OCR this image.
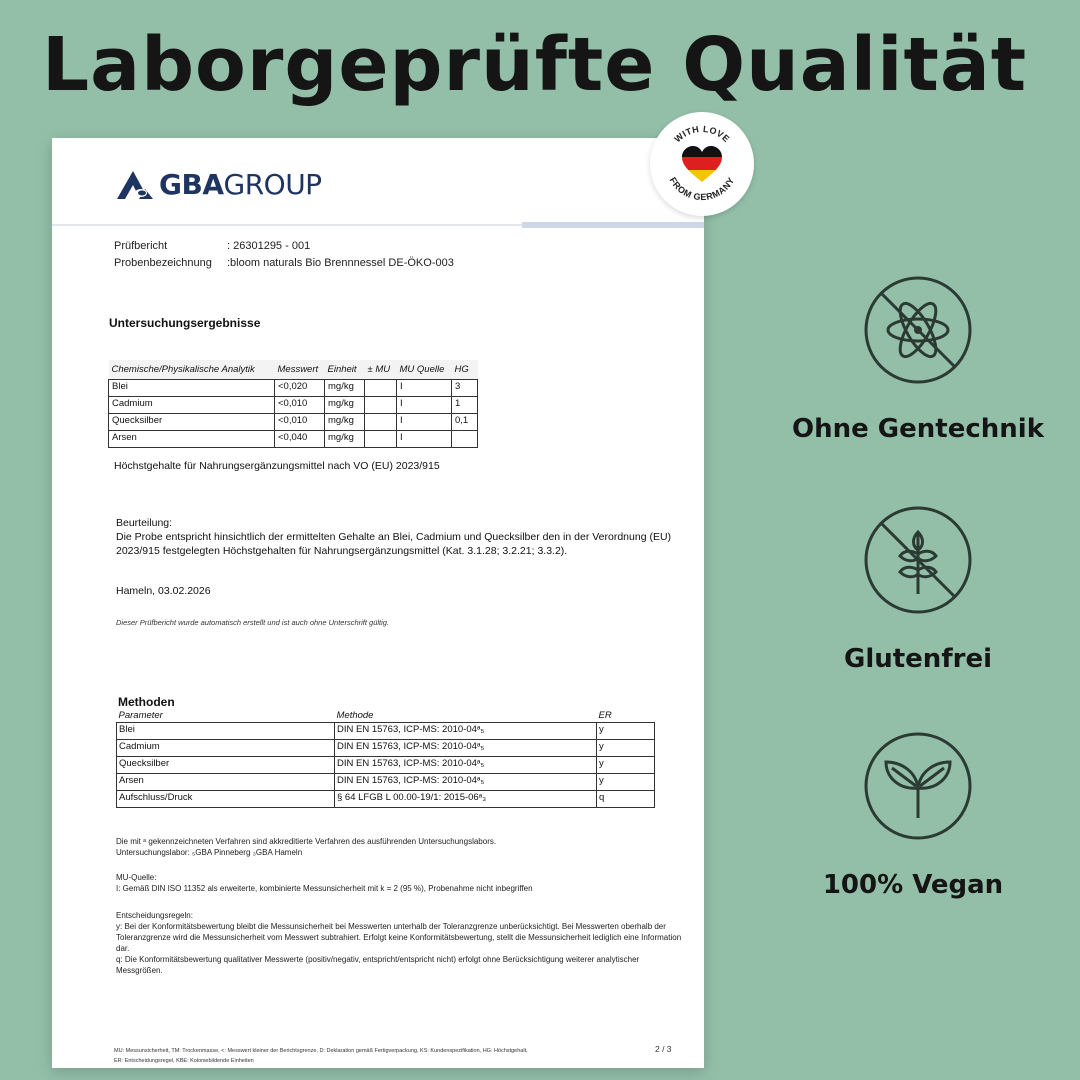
Laborgeprüfte Qualität
GBA GROUP
Prüfbericht	: 26301295 - 001
Probenbezeichnung	:bloom naturals Bio Brennnessel DE-ÖKO-003
Untersuchungsergebnisse
Chemische/Physikalische Analytik	Messwert	Einheit	± MU	MU Quelle	HG
Blei	<0,020	mg/kg		I	3
Cadmium	<0,010	mg/kg		I	1
Quecksilber	<0,010	mg/kg		I	0,1
Arsen	<0,040	mg/kg		I	
Höchstgehalte für Nahrungsergänzungsmittel nach VO (EU) 2023/915
Beurteilung:
Die Probe entspricht hinsichtlich der ermittelten Gehalte an Blei, Cadmium und Quecksilber den in der Verordnung (EU) 2023/915 festgelegten Höchstgehalten für Nahrungsergänzungsmittel (Kat. 3.1.28; 3.2.21; 3.3.2).
Hameln, 03.02.2026
Dieser Prüfbericht wurde automatisch erstellt und ist auch ohne Unterschrift gültig.
Methoden
Parameter	Methode	ER
Blei	DIN EN 15763, ICP-MS: 2010-04ᵃ₅	y
Cadmium	DIN EN 15763, ICP-MS: 2010-04ᵃ₅	y
Quecksilber	DIN EN 15763, ICP-MS: 2010-04ᵃ₅	y
Arsen	DIN EN 15763, ICP-MS: 2010-04ᵃ₅	y
Aufschluss/Druck	§ 64 LFGB L 00.00-19/1: 2015-06ᵃ₃	q
Die mit ᵃ gekennzeichneten Verfahren sind akkreditierte Verfahren des ausführenden Untersuchungslabors.
Untersuchungslabor: ₅GBA Pinneberg ₃GBA Hameln
MU-Quelle:
I: Gemäß DIN ISO 11352 als erweiterte, kombinierte Messunsicherheit mit k = 2 (95 %), Probenahme nicht inbegriffen
Entscheidungsregeln:
y: Bei der Konformitätsbewertung bleibt die Messunsicherheit bei Messwerten unterhalb der Toleranzgrenze unberücksichtigt. Bei Messwerten oberhalb der Toleranzgrenze wird die Messunsicherheit vom Messwert subtrahiert. Erfolgt keine Konformitätsbewertung, stellt die Messunsicherheit lediglich eine Information dar.
q: Die Konformitätsbewertung qualitativer Messwerte (positiv/negativ, entspricht/entspricht nicht) erfolgt ohne Berücksichtigung weiterer analytischer Messgrößen.
MU: Messunsicherheit, TM: Trockenmasse, <: Messwert kleiner der Berichtsgrenze, D: Deklaration gemäß Fertigverpackung, KS: Kundenspezifikation, HG: Höchstgehalt,
ER: Entscheidungsregel, KBE: Koloniebildende Einheiten
2 / 3
WITH LOVE
FROM GERMANY
Ohne Gentechnik
Glutenfrei
100% Vegan
